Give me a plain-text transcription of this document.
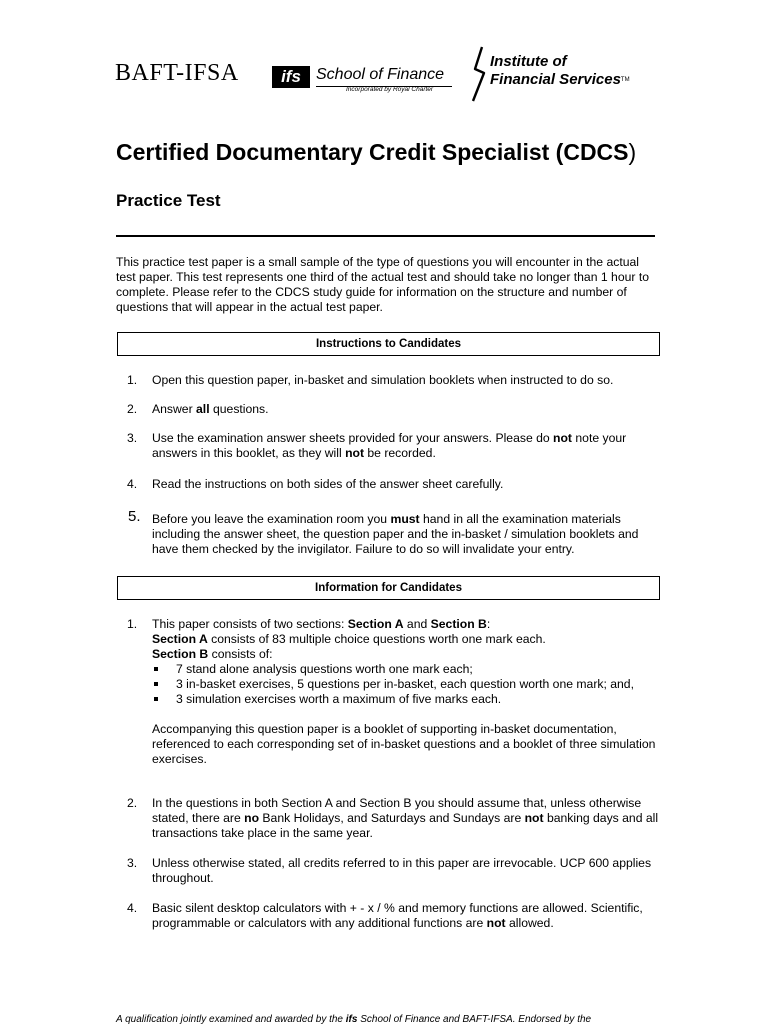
BAFT-IFSA	ifs School of Finance
Incorporated by Royal Charter
Institute of
Financial Services™
Certified Documentary Credit Specialist (CDCS)
Practice Test
This practice test paper is a small sample of the type of questions you will encounter in the actual test paper. This test represents one third of the actual test and should take no longer than 1 hour to complete. Please refer to the CDCS study guide for information on the structure and number of questions that will appear in the actual test paper.
Instructions to Candidates
1.	Open this question paper, in-basket and simulation booklets when instructed to do so.
2.	Answer all questions.
3.	Use the examination answer sheets provided for your answers. Please do not note your answers in this booklet, as they will not be recorded.
4.	Read the instructions on both sides of the answer sheet carefully.
5. Before you leave the examination room you must hand in all the examination materials including the answer sheet, the question paper and the in-basket / simulation booklets and have them checked by the invigilator. Failure to do so will invalidate your entry.
Information for Candidates
1.	This paper consists of two sections: Section A and Section B:
Section A consists of 83 multiple choice questions worth one mark each.
Section B consists of:
7 stand alone analysis questions worth one mark each;
3 in-basket exercises, 5 questions per in-basket, each question worth one mark; and,
3 simulation exercises worth a maximum of five marks each.
Accompanying this question paper is a booklet of supporting in-basket documentation, referenced to each corresponding set of in-basket questions and a booklet of three simulation exercises.
2.	In the questions in both Section A and Section B you should assume that, unless otherwise stated, there are no Bank Holidays, and Saturdays and Sundays are not banking days and all transactions take place in the same year.
3.	Unless otherwise stated, all credits referred to in this paper are irrevocable. UCP 600 applies throughout.
4.	Basic silent desktop calculators with + - x / % and memory functions are allowed. Scientific, programmable or calculators with any additional functions are not allowed.
A qualification jointly examined and awarded by the ifs School of Finance and BAFT-IFSA. Endorsed by the
